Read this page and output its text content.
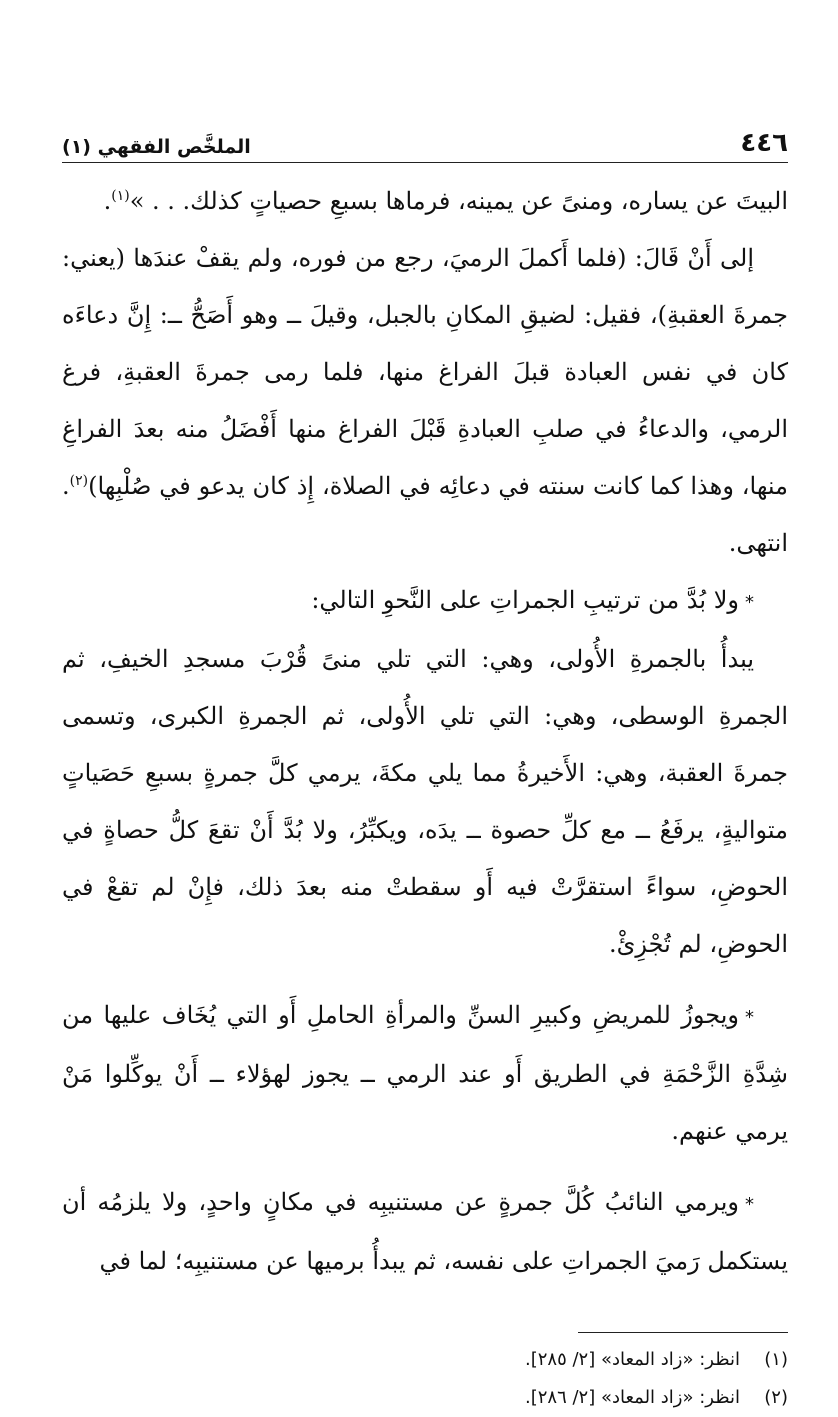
٤٤٦
الملخَّص الفقهي (١)

البيتَ عن يساره، ومنىً عن يمينه، فرماها بسبعِ حصياتٍ كذلك. . . »$^{(١)}$.

إلى أَنْ قَالَ: (فلما أَكملَ الرميَ، رجع من فوره، ولم يقفْ عندَها (يعني: جمرةَ العقبةِ)، فقيل: لضيقِ المكانِ بالجبل، وقيلَ ــ وهو أَصَحُّ ــ: إِنَّ دعاءَه كان في نفس العبادة قبلَ الفراغ منها، فلما رمى جمرةَ العقبةِ، فرغ الرمي، والدعاءُ في صلبِ العبادةِ قَبْلَ الفراغ منها أَفْضَلُ منه بعدَ الفراغِ منها، وهذا كما كانت سنته في دعائِه في الصلاة، إِذ كان يدعو في صُلْبِها)$^{(٢)}$. انتهى.

*ولا بُدَّ من ترتيبِ الجمراتِ على النَّحوِ التالي:

يبدأُ بالجمرةِ الأُولى، وهي: التي تلي منىً قُرْبَ مسجدِ الخيفِ، ثم الجمرةِ الوسطى، وهي: التي تلي الأُولى، ثم الجمرةِ الكبرى، وتسمى جمرةَ العقبة، وهي: الأَخيرةُ مما يلي مكةَ، يرمي كلَّ جمرةٍ بسبعِ حَصَياتٍ متواليةٍ، يرفَعُ ــ مع كلِّ حصوة ــ يدَه، ويكبِّرُ، ولا بُدَّ أَنْ تقعَ كلُّ حصاةٍ في الحوضِ، سواءً استقرَّتْ فيه أَو سقطتْ منه بعدَ ذلك، فإِنْ لم تقعْ في الحوضِ، لم تُجْزِئْ.

*ويجوزُ للمريضِ وكبيرِ السنِّ والمرأةِ الحاملِ أَو التي يُخَاف عليها من شِدَّةِ الزَّحْمَةِ في الطريق أَو عند الرمي ــ يجوز لهؤلاء ــ أَنْ يوكِّلوا مَنْ يرمي عنهم.

*ويرمي النائبُ كُلَّ جمرةٍ عن مستنيبِه في مكانٍ واحدٍ، ولا يلزمُه أن يستكمل رَميَ الجمراتِ على نفسه، ثم يبدأُ برميها عن مستنيبِه؛ لما في

(١)
انظر: «زاد المعاد» [٢/ ٢٨٥].
(٢)
انظر: «زاد المعاد» [٢/ ٢٨٦].
